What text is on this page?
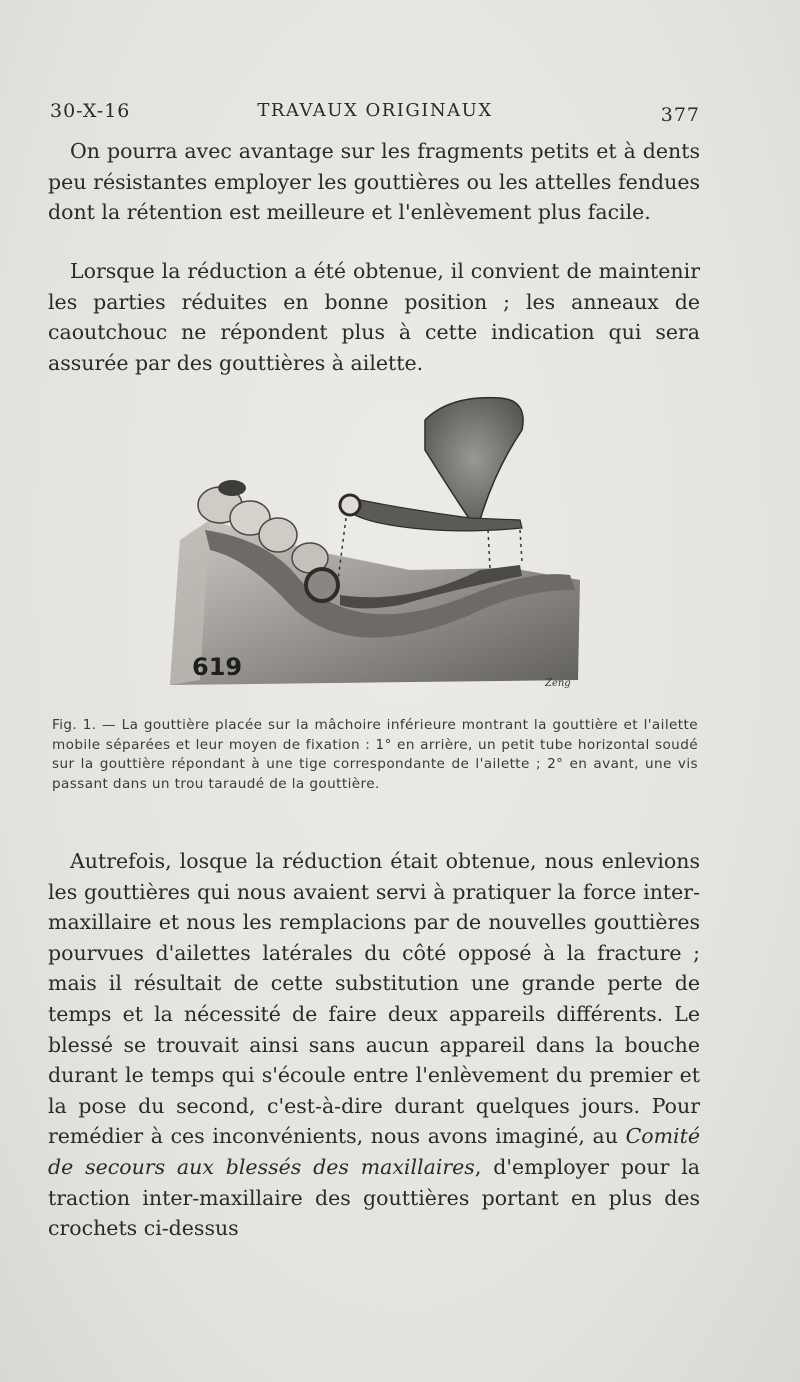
30-X-16	TRAVAUX ORIGINAUX	377
On pourra avec avantage sur les fragments petits et à dents peu résistantes employer les gouttières ou les attelles fendues dont la rétention est meilleure et l'enlèvement plus facile.
Lorsque la réduction a été obtenue, il convient de maintenir les parties réduites en bonne position ; les anneaux de caoutchouc ne répondent plus à cette indication qui sera assurée par des gouttières à ailette.
619
Zeng
Fig. 1. — La gouttière placée sur la mâchoire inférieure montrant la gouttière et l'ailette mobile séparées et leur moyen de fixation : 1° en arrière, un petit tube horizontal soudé sur la gouttière répondant à une tige correspondante de l'ailette ; 2° en avant, une vis passant dans un trou taraudé de la gouttière.
Autrefois, losque la réduction était obtenue, nous enlevions les gouttières qui nous avaient servi à pratiquer la force inter-maxillaire et nous les remplacions par de nouvelles gouttières pourvues d'ailettes latérales du côté opposé à la fracture ; mais il résultait de cette substitution une grande perte de temps et la nécessité de faire deux appareils différents. Le blessé se trouvait ainsi sans aucun appareil dans la bouche durant le temps qui s'écoule entre l'enlèvement du premier et la pose du second, c'est-à-dire durant quelques jours. Pour remédier à ces inconvénients, nous avons imaginé, au Comité de secours aux blessés des maxillaires, d'employer pour la traction inter-maxillaire des gouttières portant en plus des crochets ci-dessus
